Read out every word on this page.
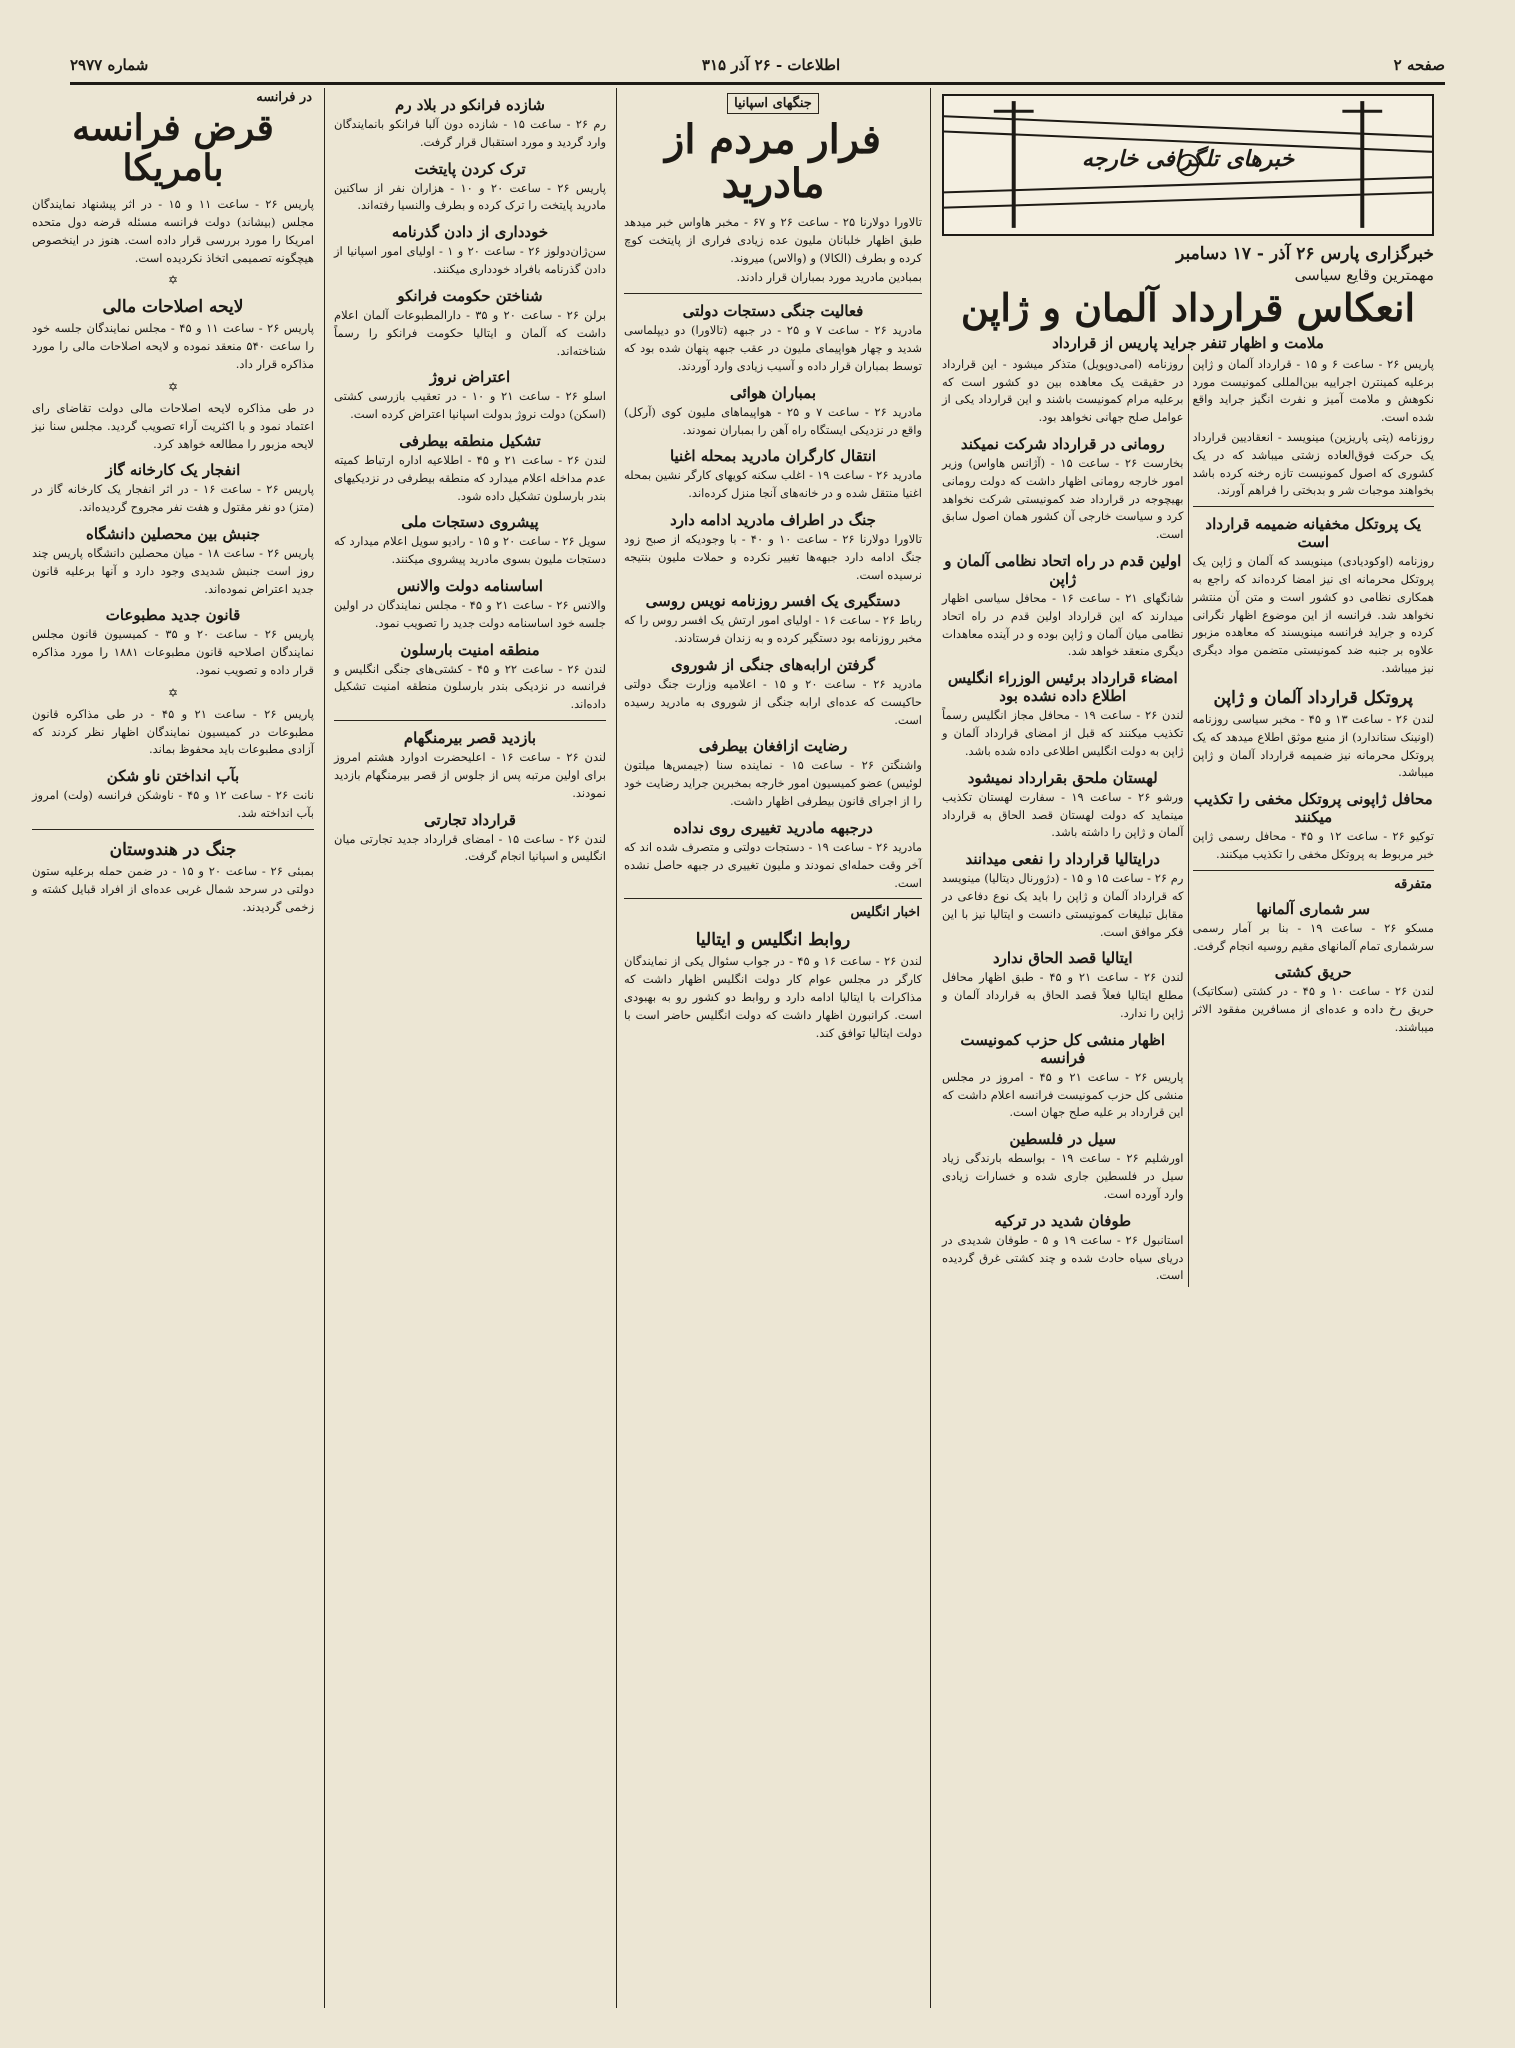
صفحه ۲
اطلاعات - ۲۶ آذر ۳۱۵
شماره ۲۹۷۷
خبرهای تلگرافی خارجه
خبرگزاری پارس ۲۶ آذر - ۱۷ دسامبر
مهمترین وقایع سیاسی
انعکاس قرارداد آلمان و ژاپن
ملامت و اظهار تنفر جراید پاریس از قرارداد

پاریس ۲۶ - ساعت ۶ و ۱۵ - قرارداد آلمان و ژاپن برعلیه کمینترن اجراییه بین‌المللی کمونیست مورد نکوهش و ملامت آمیز و نفرت انگیز جراید واقع شده است.

روزنامه (پتی پاریزین) مینویسد - انعقادیین قرارداد یک حرکت فوق‌العاده زشتی میباشد که در یک کشوری که اصول کمونیست تازه رخنه کرده باشد بخواهند موجبات شر و بدبختی را فراهم آورند.

یک پروتکل مخفیانه ضمیمه قرارداد است

روزنامه (اوکودیادی) مینویسد که آلمان و ژاپن یک پروتکل محرمانه ای نیز امضا کرده‌اند که راجع به همکاری نظامی دو کشور است و متن آن منتشر نخواهد شد. فرانسه از این موضوع اظهار نگرانی کرده و جراید فرانسه مینویسند که معاهده مزبور علاوه بر جنبه ضد کمونیستی متضمن مواد دیگری نیز میباشد.

پروتکل قرارداد آلمان و ژاپن

لندن ۲۶ - ساعت ۱۳ و ۴۵ - مخبر سیاسی روزنامه (اونینک ستاندارد) از منبع موثق اطلاع میدهد که یک پروتکل محرمانه نیز ضمیمه قرارداد آلمان و ژاپن میباشد.

محافل ژاپونی پروتکل مخفی را تکذیب میکنند

توکیو ۲۶ - ساعت ۱۲ و ۴۵ - محافل رسمی ژاپن خبر مربوط به پروتکل مخفی را تکذیب میکنند.

متفرقه
سر شماری آلمانها

مسکو ۲۶ - ساعت ۱۹ - بنا بر آمار رسمی سرشماری تمام آلمانهای مقیم روسیه انجام گرفت.

حریق کشتی

لندن ۲۶ - ساعت ۱۰ و ۴۵ - در کشتی (سکاتیک) حریق رخ داده و عده‌ای از مسافرین مفقود الاثر میباشند.

روزنامه (امی‌دوپویل) متذکر میشود - این قرارداد در حقیقت یک معاهده بین دو کشور است که برعلیه مرام کمونیست باشند و این قرارداد یکی از عوامل صلح جهانی نخواهد بود.

رومانی در قرارداد شرکت نمیکند

بخارست ۲۶ - ساعت ۱۵ - (آژانس هاواس) وزیر امور خارجه رومانی اظهار داشت که دولت رومانی بهیچوجه در قرارداد ضد کمونیستی شرکت نخواهد کرد و سیاست خارجی آن کشور همان اصول سابق است.

اولین قدم در راه اتحاد نظامی آلمان و ژاپن

شانگهای ۲۱ - ساعت ۱۶ - محافل سیاسی اظهار میدارند که این قرارداد اولین قدم در راه اتحاد نظامی میان آلمان و ژاپن بوده و در آینده معاهدات دیگری منعقد خواهد شد.

امضاء قرارداد برئیس الوزراء انگلیس اطلاع داده نشده بود

لندن ۲۶ - ساعت ۱۹ - محافل مجاز انگلیس رسماً تکذیب میکنند که قبل از امضای قرارداد آلمان و ژاپن به دولت انگلیس اطلاعی داده شده باشد.

لهستان ملحق بقرارداد نمیشود

ورشو ۲۶ - ساعت ۱۹ - سفارت لهستان تکذیب مینماید که دولت لهستان قصد الحاق به قرارداد آلمان و ژاپن را داشته باشد.

درایتالیا قرارداد را نفعی میدانند

رم ۲۶ - ساعت ۱۵ و ۱۵ - (دژورنال دیتالیا) مینویسد که قرارداد آلمان و ژاپن را باید یک نوع دفاعی در مقابل تبلیغات کمونیستی دانست و ایتالیا نیز با این فکر موافق است.

ایتالیا قصد الحاق ندارد

لندن ۲۶ - ساعت ۲۱ و ۴۵ - طبق اظهار محافل مطلع ایتالیا فعلاً قصد الحاق به قرارداد آلمان و ژاپن را ندارد.

اظهار منشی کل حزب کمونیست فرانسه

پاریس ۲۶ - ساعت ۲۱ و ۴۵ - امروز در مجلس منشی کل حزب کمونیست فرانسه اعلام داشت که این قرارداد بر علیه صلح جهان است.

سیل در فلسطین

اورشلیم ۲۶ - ساعت ۱۹ - بواسطه بارندگی زیاد سیل در فلسطین جاری شده و خسارات زیادی وارد آورده است.

طوفان شدید در ترکیه

استانبول ۲۶ - ساعت ۱۹ و ۵ - طوفان شدیدی در دریای سیاه حادث شده و چند کشتی غرق گردیده است.

جنگهای اسپانیا
فرار مردم از مادرید

تالاورا دولارنا ۲۵ - ساعت ۲۶ و ۶۷ - مخبر هاواس خبر میدهد طبق اظهار خلبانان ملیون عده زیادی فراری از پایتخت کوچ کرده و بطرف (الکالا) و (والاس) میروند.

بمبادین مادرید مورد بمباران قرار دادند.

فعالیت جنگی دستجات دولتی

مادرید ۲۶ - ساعت ۷ و ۲۵ - در جبهه (تالاورا) دو دیپلماسی شدید و چهار هواپیمای ملیون در عقب جبهه پنهان شده بود که توسط بمباران قرار داده و آسیب زیادی وارد آوردند.

بمباران هوائی

مادرید ۲۶ - ساعت ۷ و ۲۵ - هواپیماهای ملیون کوی (آرکل) واقع در نزدیکی ایستگاه راه آهن را بمباران نمودند.

انتقال کارگران مادرید بمحله اغنیا

مادرید ۲۶ - ساعت ۱۹ - اغلب سکنه کویهای کارگر نشین بمحله اغنیا منتقل شده و در خانه‌های آنجا منزل کرده‌اند.

جنگ در اطراف مادرید ادامه دارد

تالاورا دولارنا ۲۶ - ساعت ۱۰ و ۴۰ - با وجودیکه از صبح زود جنگ ادامه دارد جبهه‌ها تغییر نکرده و حملات ملیون بنتیجه نرسیده است.

دستگیری یک افسر روزنامه نویس روسی

رباط ۲۶ - ساعت ۱۶ - اولیای امور ارتش یک افسر روس را که مخبر روزنامه بود دستگیر کرده و به زندان فرستادند.

گرفتن ارابه‌های جنگی از شوروی

مادرید ۲۶ - ساعت ۲۰ و ۱۵ - اعلامیه وزارت جنگ دولتی حاکیست که عده‌ای ارابه جنگی از شوروی به مادرید رسیده است.

رضایت ازافغان بیطرفی

واشنگتن ۲۶ - ساعت ۱۵ - نماینده سنا (جیمس‌ها میلتون لوئیس) عضو کمیسیون امور خارجه بمخبرین جراید رضایت خود را از اجرای قانون بیطرفی اظهار داشت.

درجبهه مادرید تغییری روی نداده

مادرید ۲۶ - ساعت ۱۹ - دستجات دولتی و متصرف شده اند که آخر وقت حمله‌ای نمودند و ملیون تغییری در جبهه حاصل نشده است.

اخبار انگلیس
روابط انگلیس و ایتالیا

لندن ۲۶ - ساعت ۱۶ و ۴۵ - در جواب سئوال یکی از نمایندگان کارگر در مجلس عوام کار دولت انگلیس اظهار داشت که مذاکرات با ایتالیا ادامه دارد و روابط دو کشور رو به بهبودی است. کرانبورن اظهار داشت که دولت انگلیس حاضر است با دولت ایتالیا توافق کند.

شازده فرانکو در بلاد رم

رم ۲۶ - ساعت ۱۵ - شازده دون آلبا فرانکو بانمایندگان وارد گردید و مورد استقبال قرار گرفت.

ترک کردن پایتخت

پاریس ۲۶ - ساعت ۲۰ و ۱۰ - هزاران نفر از ساکنین مادرید پایتخت را ترک کرده و بطرف والنسیا رفته‌اند.

خودداری از دادن گذرنامه

سن‌ژان‌دولوز ۲۶ - ساعت ۲۰ و ۱ - اولیای امور اسپانیا از دادن گذرنامه بافراد خودداری میکنند.

شناختن حکومت فرانکو

برلن ۲۶ - ساعت ۲۰ و ۳۵ - دارالمطبوعات آلمان اعلام داشت که آلمان و ایتالیا حکومت فرانکو را رسماً شناخته‌اند.

اعتراض نروژ

اسلو ۲۶ - ساعت ۲۱ و ۱۰ - در تعقیب بازرسی کشتی (اسکن) دولت نروژ بدولت اسپانیا اعتراض کرده است.

تشکیل منطقه بیطرفی

لندن ۲۶ - ساعت ۲۱ و ۴۵ - اطلاعیه اداره ارتباط کمیته عدم مداخله اعلام میدارد که منطقه بیطرفی در نزدیکیهای بندر بارسلون تشکیل داده شود.

پیشروی دستجات ملی

سویل ۲۶ - ساعت ۲۰ و ۱۵ - رادیو سویل اعلام میدارد که دستجات ملیون بسوی مادرید پیشروی میکنند.

اساسنامه دولت والانس

والانس ۲۶ - ساعت ۲۱ و ۴۵ - مجلس نمایندگان در اولین جلسه خود اساسنامه دولت جدید را تصویب نمود.

منطقه امنیت بارسلون

لندن ۲۶ - ساعت ۲۲ و ۴۵ - کشتی‌های جنگی انگلیس و فرانسه در نزدیکی بندر بارسلون منطقه امنیت تشکیل داده‌اند.

بازدید قصر بیرمنگهام

لندن ۲۶ - ساعت ۱۶ - اعلیحضرت ادوارد هشتم امروز برای اولین مرتبه پس از جلوس از قصر بیرمنگهام بازدید نمودند.

قرارداد تجارتی

لندن ۲۶ - ساعت ۱۵ - امضای قرارداد جدید تجارتی میان انگلیس و اسپانیا انجام گرفت.

در فرانسه
قرض فرانسه بامریکا

پاریس ۲۶ - ساعت ۱۱ و ۱۵ - در اثر پیشنهاد نمایندگان مجلس (بیشاند) دولت فرانسه مسئله قرضه دول متحده امریکا را مورد بررسی قرار داده است. هنوز در اینخصوص هیچگونه تصمیمی اتخاذ نکردیده است.

✡
لایحه اصلاحات مالی

پاریس ۲۶ - ساعت ۱۱ و ۴۵ - مجلس نمایندگان جلسه خود را ساعت ۵۴۰ منعقد نموده و لایحه اصلاحات مالی را مورد مذاکره قرار داد.

✡

در طی مذاکره لایحه اصلاحات مالی دولت تقاضای رای اعتماد نمود و با اکثریت آراء تصویب گردید. مجلس سنا نیز لایحه مزبور را مطالعه خواهد کرد.

انفجار یک کارخانه گاز

پاریس ۲۶ - ساعت ۱۶ - در اثر انفجار یک کارخانه گاز در (متز) دو نفر مقتول و هفت نفر مجروح گردیده‌اند.

جنبش بین محصلین دانشگاه

پاریس ۲۶ - ساعت ۱۸ - میان محصلین دانشگاه پاریس چند روز است جنبش شدیدی وجود دارد و آنها برعلیه قانون جدید اعتراض نموده‌اند.

قانون جدید مطبوعات

پاریس ۲۶ - ساعت ۲۰ و ۳۵ - کمیسیون قانون مجلس نمایندگان اصلاحیه قانون مطبوعات ۱۸۸۱ را مورد مذاکره قرار داده و تصویب نمود.

✡

پاریس ۲۶ - ساعت ۲۱ و ۴۵ - در طی مذاکره قانون مطبوعات در کمیسیون نمایندگان اظهار نظر کردند که آزادی مطبوعات باید محفوظ بماند.

بآب انداختن ناو شکن

نانت ۲۶ - ساعت ۱۲ و ۴۵ - ناوشکن فرانسه (ولت) امروز بآب انداخته شد.

جنگ در هندوستان

بمبئی ۲۶ - ساعت ۲۰ و ۱۵ - در ضمن حمله برعلیه ستون دولتی در سرحد شمال غربی عده‌ای از افراد قبایل کشته و زخمی گردیدند.
